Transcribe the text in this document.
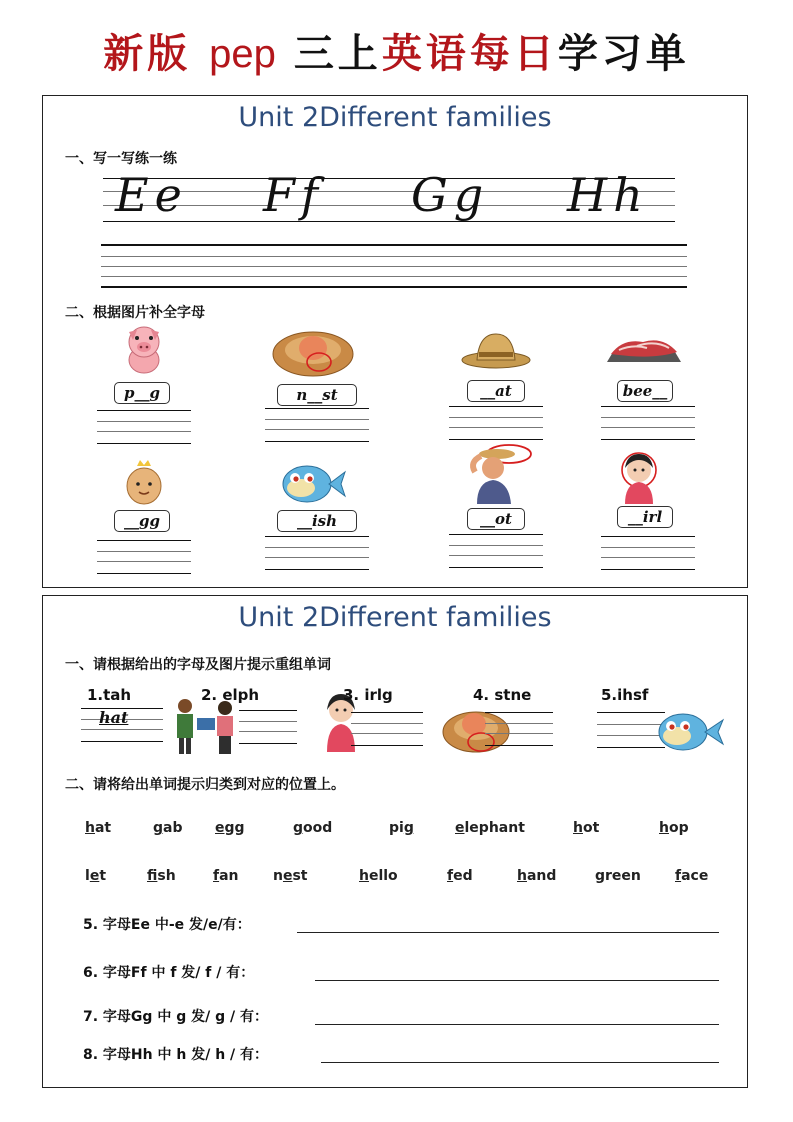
新版 pep 三上英语每日学习单
Unit 2Different families
一、写一写练一练
Ee Ff Gg Hh
二、根据图片补全字母
p__g	n__st	__at	bee__
__gg	__ish	__ot	__irl
Unit 2Different families
一、请根据给出的字母及图片提示重组单词
1.tah
hat
2. elph	3. irlg	4. stne	5.ihsf
二、请将给出单词提示归类到对应的位置上。
hat	gab egg	good	pig	elephant	hot	hop
let	fish	fan nest	hello	fed	hand	green face
5. 字母Ee 中-e 发/e/有：
6. 字母Ff 中 f 发/ f / 有：
7. 字母Gg 中 g 发/ g / 有：
8. 字母Hh 中 h 发/ h / 有：
